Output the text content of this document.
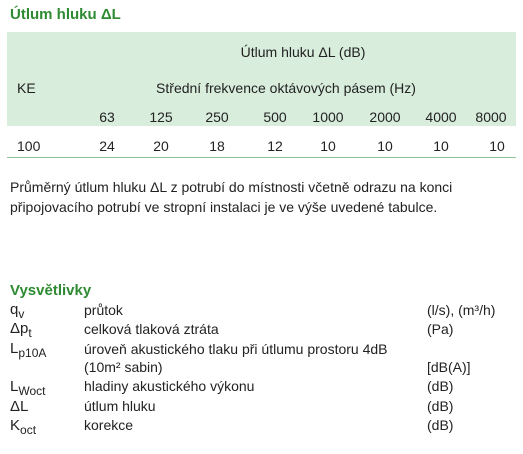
Útlum hluku ΔL
Útlum hluku ΔL (dB)
KE	Střední frekvence oktávových pásem (Hz)
63 125 250 500 1000 2000 4000 8000
100	24	20	18	12	10	10	10	10
Průměrný útlum hluku ΔL z potrubí do místnosti včetně odrazu na konci připojovacího potrubí ve stropní instalaci je ve výše uvedené tabulce.
Vysvětlivky
$q_v$	průtok	(l/s), (m³/h)
$\Delta p_t$	celková tlaková ztráta	(Pa)
$L_{p10A}$	úroveň akustického tlaku při útlumu prostoru 4dB
(10m² sabin)	[dB(A)]
$L_{Woct}$	hladiny akustického výkonu	(dB)
ΔL	útlum hluku	(dB)
$K_{oct}$	korekce	(dB)
